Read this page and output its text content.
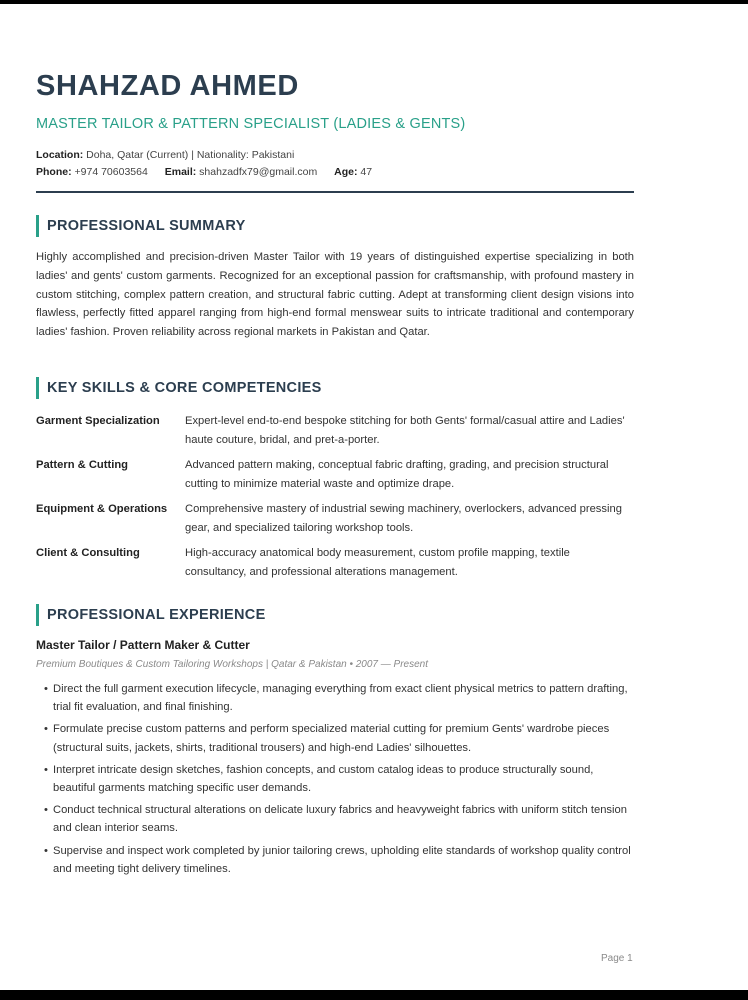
SHAHZAD AHMED
MASTER TAILOR & PATTERN SPECIALIST (LADIES & GENTS)
Location: Doha, Qatar (Current) | Nationality: Pakistani
Phone: +974 70603564 Email: shahzadfx79@gmail.com Age: 47
PROFESSIONAL SUMMARY
Highly accomplished and precision-driven Master Tailor with 19 years of distinguished expertise specializing in both ladies' and gents' custom garments. Recognized for an exceptional passion for craftsmanship, with profound mastery in custom stitching, complex pattern creation, and structural fabric cutting. Adept at transforming client design visions into flawless, perfectly fitted apparel ranging from high-end formal menswear suits to intricate traditional and contemporary ladies' fashion. Proven reliability across regional markets in Pakistan and Qatar.
KEY SKILLS & CORE COMPETENCIES
Garment Specialization Expert-level end-to-end bespoke stitching for both Gents' formal/casual attire and Ladies' haute couture, bridal, and pret-a-porter.
Pattern & Cutting	Advanced pattern making, conceptual fabric drafting, grading, and precision structural cutting to minimize material waste and optimize drape.
Equipment & Operations Comprehensive mastery of industrial sewing machinery, overlockers, advanced pressing gear, and specialized tailoring workshop tools.
Client & Consulting	High-accuracy anatomical body measurement, custom profile mapping, textile consultancy, and professional alterations management.
PROFESSIONAL EXPERIENCE
Master Tailor / Pattern Maker & Cutter
Premium Boutiques & Custom Tailoring Workshops | Qatar & Pakistan • 2007 — Present
• Direct the full garment execution lifecycle, managing everything from exact client physical metrics to pattern drafting, trial fit evaluation, and final finishing.
• Formulate precise custom patterns and perform specialized material cutting for premium Gents' wardrobe pieces (structural suits, jackets, shirts, traditional trousers) and high-end Ladies' silhouettes.
• Interpret intricate design sketches, fashion concepts, and custom catalog ideas to produce structurally sound, beautiful garments matching specific user demands.
• Conduct technical structural alterations on delicate luxury fabrics and heavyweight fabrics with uniform stitch tension and clean interior seams.
• Supervise and inspect work completed by junior tailoring crews, upholding elite standards of workshop quality control and meeting tight delivery timelines.
Page 1
